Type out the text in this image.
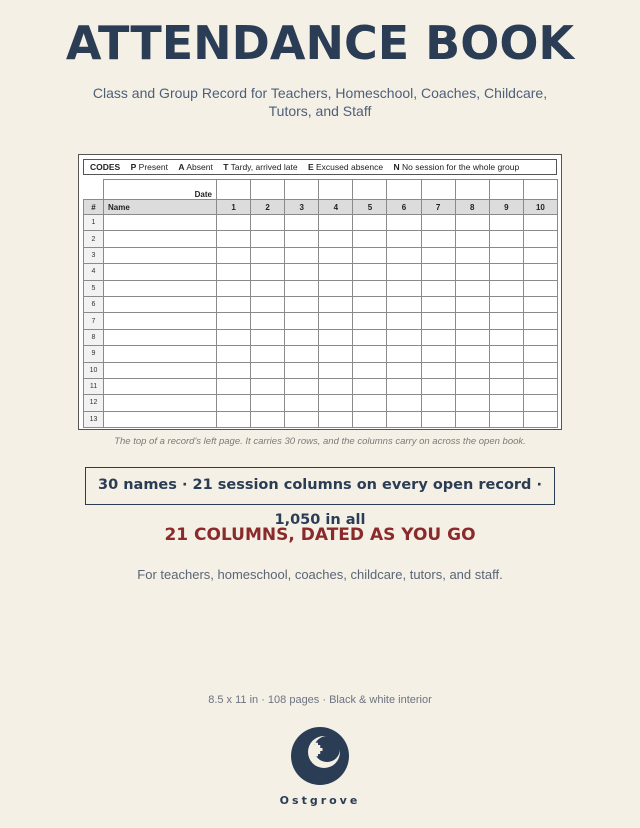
ATTENDANCE BOOK
Class and Group Record for Teachers, Homeschool, Coaches, Childcare, Tutors, and Staff
CODES P Present A Absent T Tardy, arrived late E Excused absence N No session for the whole group
	Date										
#	Name	1	2	3	4	5	6	7	8	9	10
1											
2											
3											
4											
5											
6											
7											
8											
9											
10											
11											
12											
13											
The top of a record's left page. It carries 30 rows, and the columns carry on across the open book.
30 names · 21 session columns on every open record · 1,050 in all
21 COLUMNS, DATED AS YOU GO
For teachers, homeschool, coaches, childcare, tutors, and staff.
8.5 x 11 in · 108 pages · Black & white interior
Ostgrove
